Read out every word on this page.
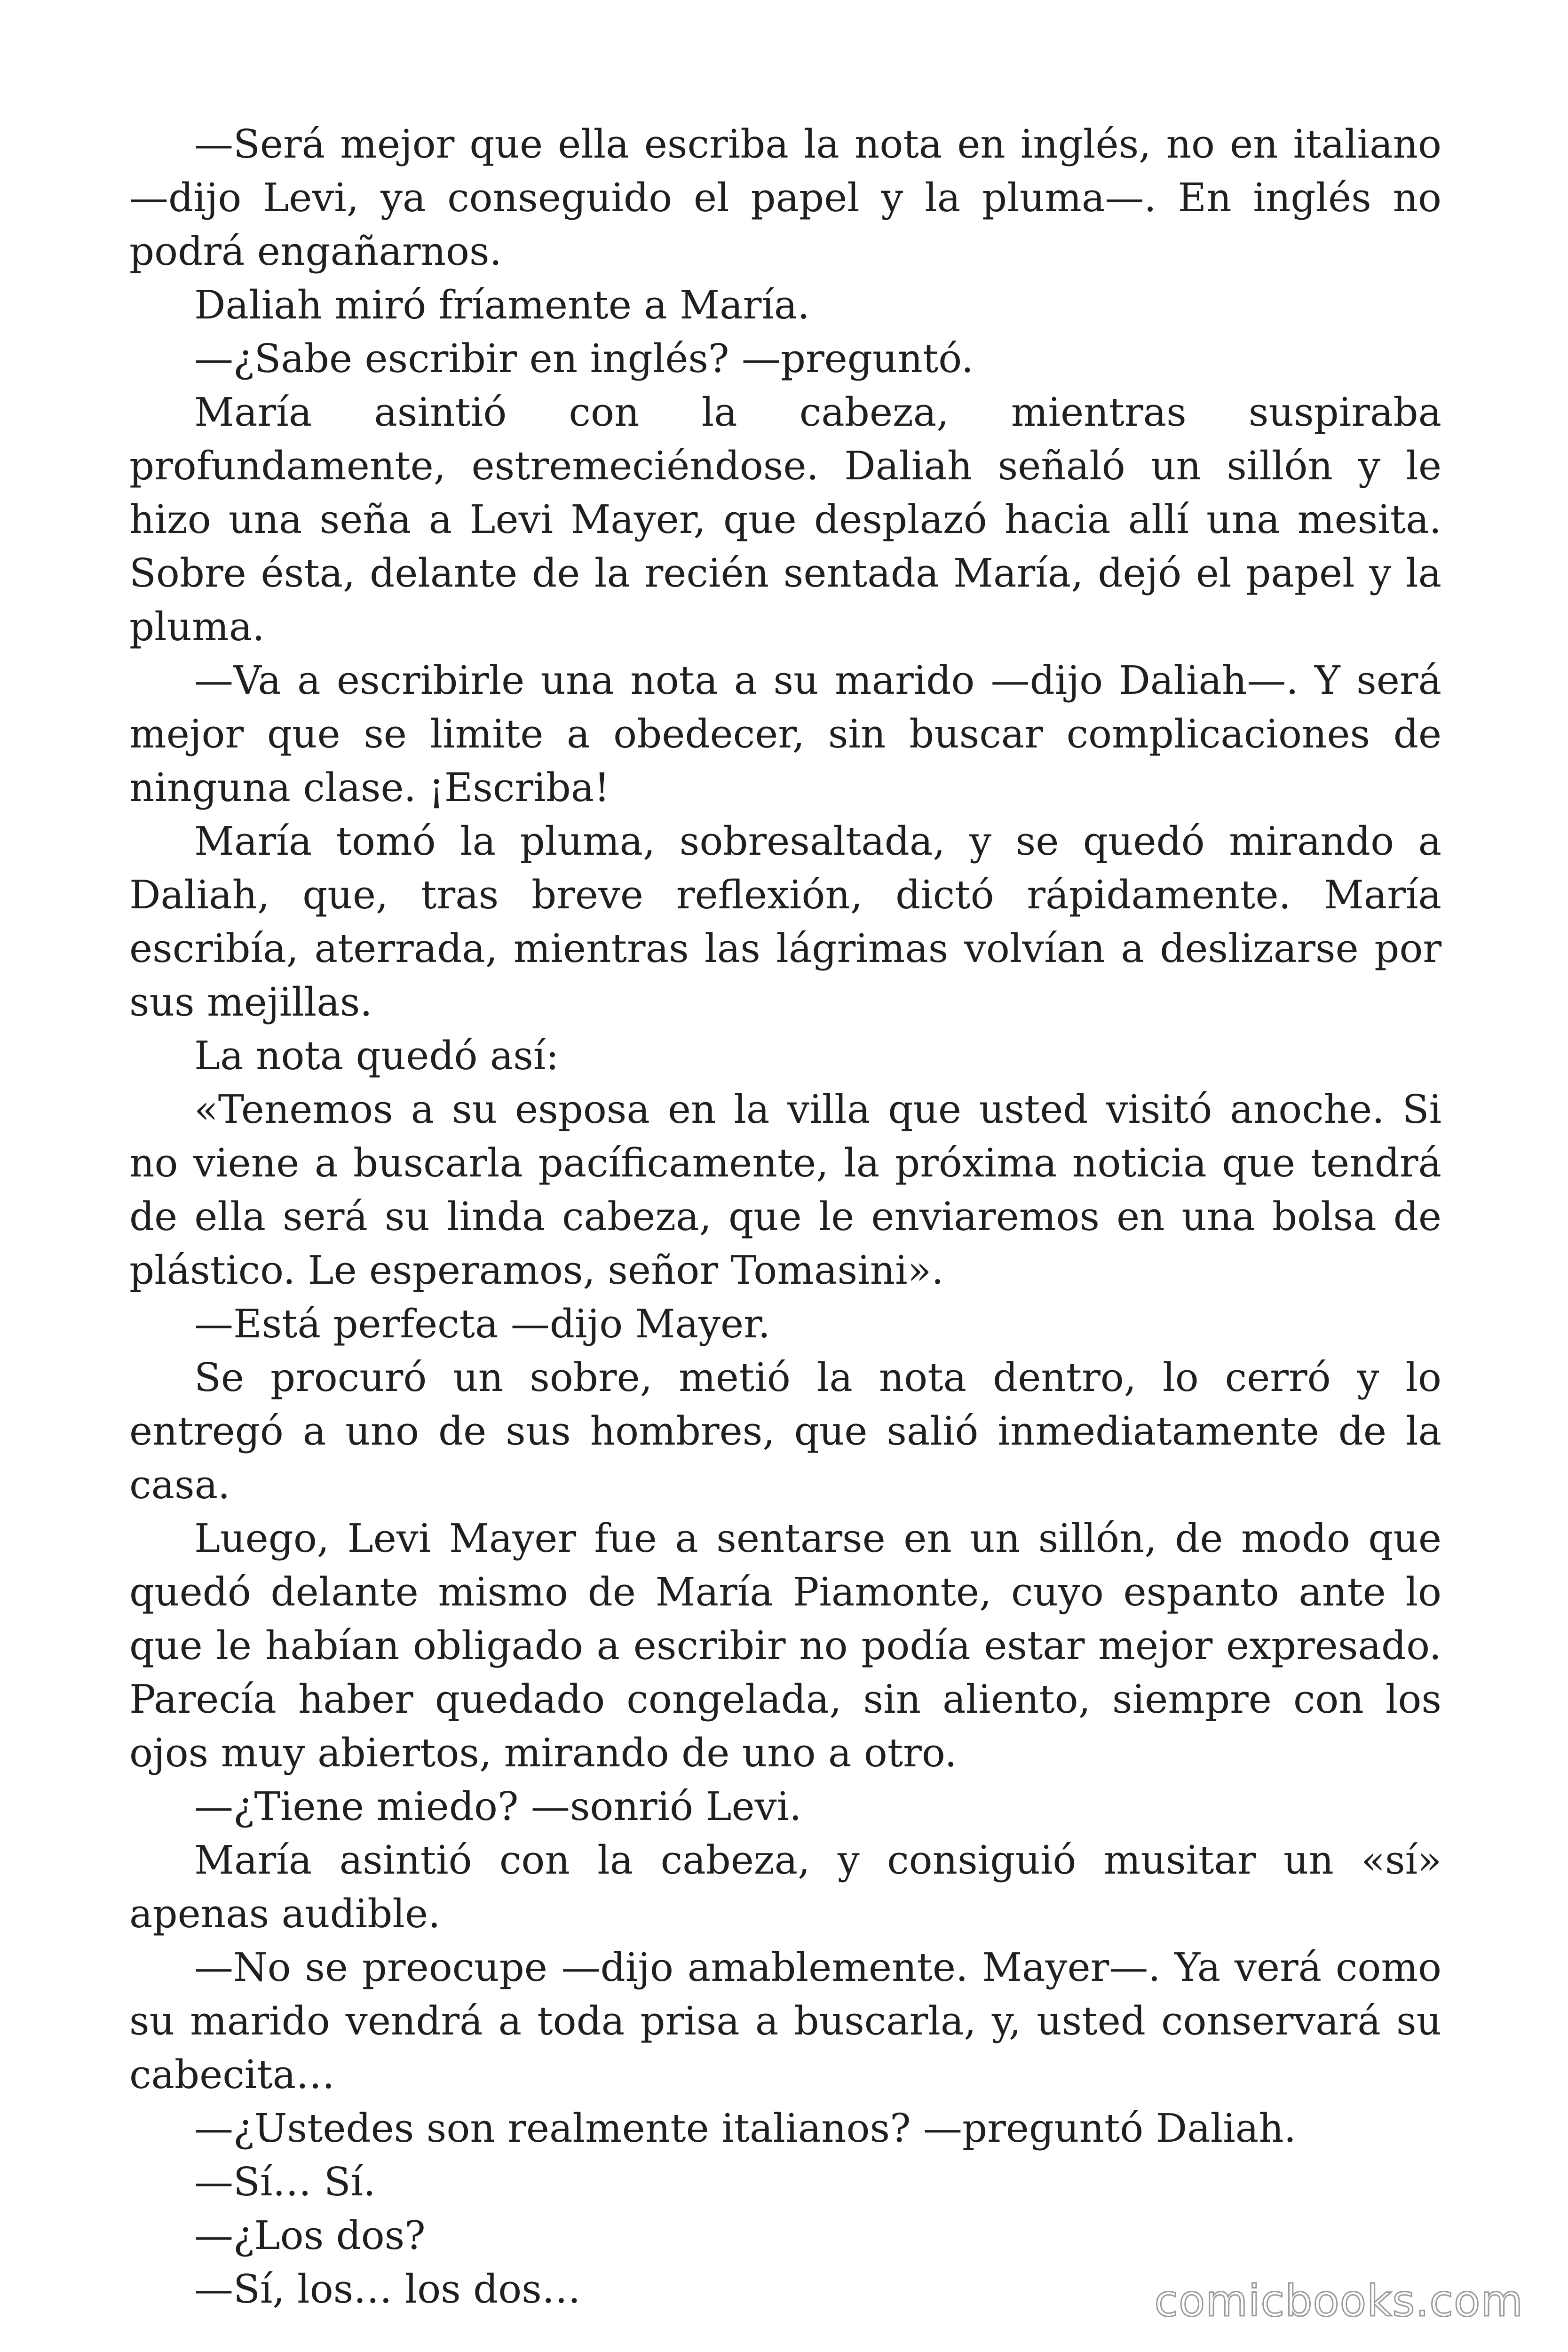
—Será mejor que ella escriba la nota en inglés, no en italiano —dijo Levi, ya conseguido el papel y la pluma—. En inglés no podrá engañarnos.

Daliah miró fríamente a María.

—¿Sabe escribir en inglés? —preguntó.

María asintió con la cabeza, mientras suspiraba profundamente, estremeciéndose. Daliah señaló un sillón y le hizo una seña a Levi Mayer, que desplazó hacia allí una mesita. Sobre ésta, delante de la recién sentada María, dejó el papel y la pluma.

—Va a escribirle una nota a su marido —dijo Daliah—. Y será mejor que se limite a obedecer, sin buscar complicaciones de ninguna clase. ¡Escriba!

María tomó la pluma, sobresaltada, y se quedó mirando a Daliah, que, tras breve reflexión, dictó rápidamente. María escribía, aterrada, mientras las lágrimas volvían a deslizarse por sus mejillas.

La nota quedó así:

«Tenemos a su esposa en la villa que usted visitó anoche. Si no viene a buscarla pacíficamente, la próxima noticia que tendrá de ella será su linda cabeza, que le enviaremos en una bolsa de plástico. Le esperamos, señor Tomasini».

—Está perfecta —dijo Mayer.

Se procuró un sobre, metió la nota dentro, lo cerró y lo entregó a uno de sus hombres, que salió inmediatamente de la casa.

Luego, Levi Mayer fue a sentarse en un sillón, de modo que quedó delante mismo de María Piamonte, cuyo espanto ante lo que le habían obligado a escribir no podía estar mejor expresado. Parecía haber quedado congelada, sin aliento, siempre con los ojos muy abiertos, mirando de uno a otro.

—¿Tiene miedo? —sonrió Levi.

María asintió con la cabeza, y consiguió musitar un «sí» apenas audible.

—No se preocupe —dijo amablemente. Mayer—. Ya verá como su marido vendrá a toda prisa a buscarla, y, usted conservará su cabecita…

—¿Ustedes son realmente italianos? —preguntó Daliah.

—Sí… Sí.

—¿Los dos?

—Sí, los… los dos…	comicbooks.com
